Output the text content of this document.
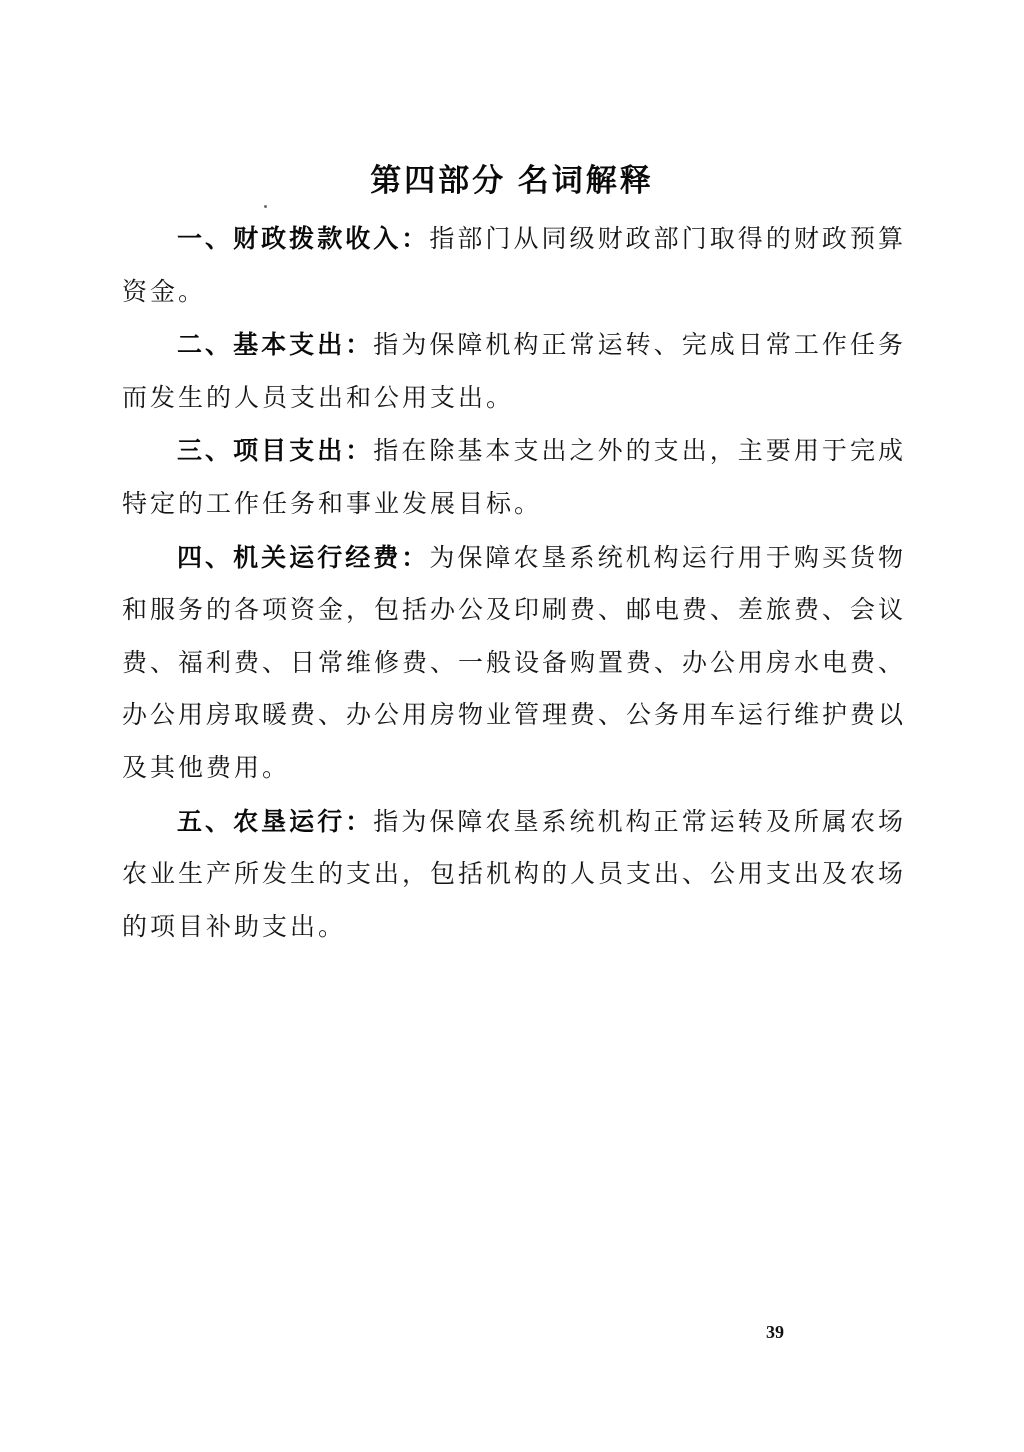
第四部分 名词解释

一、财政拨款收入：指部门从同级财政部门取得的财政预算资金。

二、基本支出：指为保障机构正常运转、完成日常工作任务而发生的人员支出和公用支出。

三、项目支出：指在除基本支出之外的支出，主要用于完成特定的工作任务和事业发展目标。

四、机关运行经费：为保障农垦系统机构运行用于购买货物和服务的各项资金，包括办公及印刷费、邮电费、差旅费、会议费、福利费、日常维修费、一般设备购置费、办公用房水电费、办公用房取暖费、办公用房物业管理费、公务用车运行维护费以及其他费用。

五、农垦运行：指为保障农垦系统机构正常运转及所属农场农业生产所发生的支出，包括机构的人员支出、公用支出及农场的项目补助支出。

39
